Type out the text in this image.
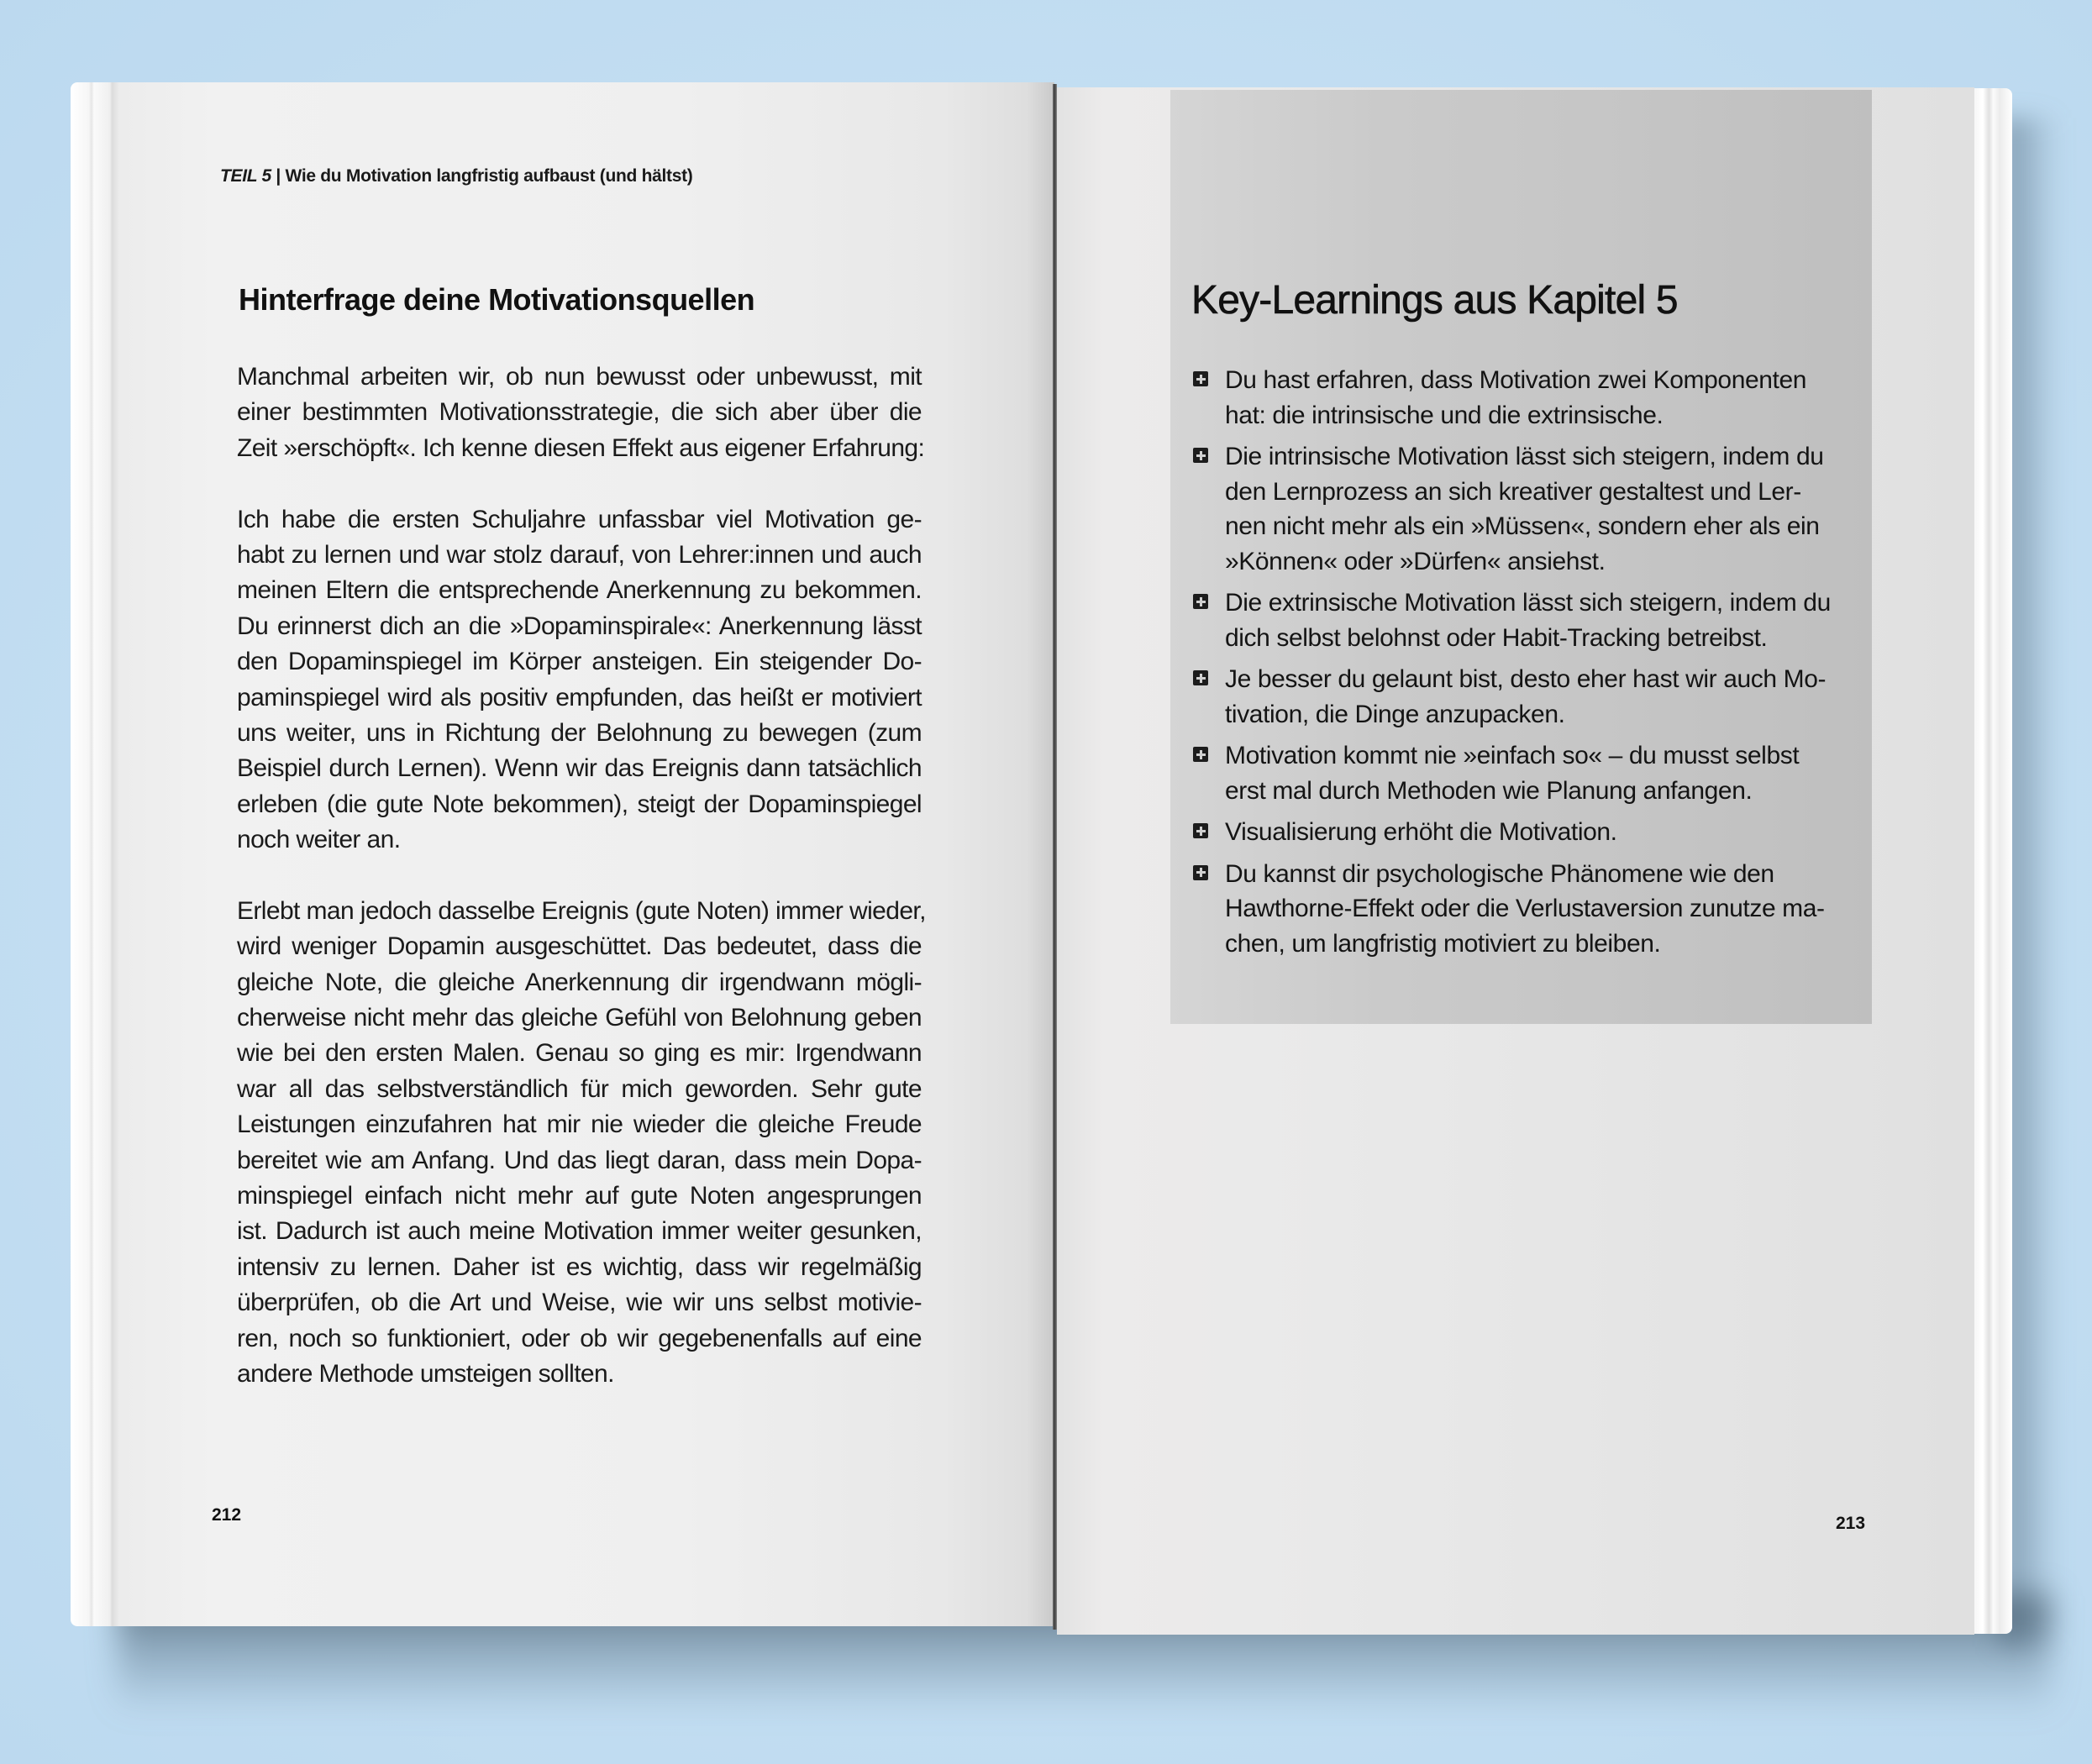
TEIL 5 | Wie du Motivation langfristig aufbaust (und hältst)
Hinterfrage deine Motivationsquellen
Manchmal arbeiten wir, ob nun bewusst oder unbewusst, mit
einer bestimmten Motivationsstrategie, die sich aber über die
Zeit »erschöpft«. Ich kenne diesen Effekt aus eigener Erfahrung:
Ich habe die ersten Schuljahre unfassbar viel Motivation ge-
habt zu lernen und war stolz darauf, von Lehrer:innen und auch
meinen Eltern die entsprechende Anerkennung zu bekommen.
Du erinnerst dich an die »Dopaminspirale«: Anerkennung lässt
den Dopaminspiegel im Körper ansteigen. Ein steigender Do-
paminspiegel wird als positiv empfunden, das heißt er motiviert
uns weiter, uns in Richtung der Belohnung zu bewegen (zum
Beispiel durch Lernen). Wenn wir das Ereignis dann tatsächlich
erleben (die gute Note bekommen), steigt der Dopaminspiegel
noch weiter an.
Erlebt man jedoch dasselbe Ereignis (gute Noten) immer wieder,
wird weniger Dopamin ausgeschüttet. Das bedeutet, dass die
gleiche Note, die gleiche Anerkennung dir irgendwann mögli-
cherweise nicht mehr das gleiche Gefühl von Belohnung geben
wie bei den ersten Malen. Genau so ging es mir: Irgendwann
war all das selbstverständlich für mich geworden. Sehr gute
Leistungen einzufahren hat mir nie wieder die gleiche Freude
bereitet wie am Anfang. Und das liegt daran, dass mein Dopa-
minspiegel einfach nicht mehr auf gute Noten angesprungen
ist. Dadurch ist auch meine Motivation immer weiter gesunken,
intensiv zu lernen. Daher ist es wichtig, dass wir regelmäßig
überprüfen, ob die Art und Weise, wie wir uns selbst motivie-
ren, noch so funktioniert, oder ob wir gegebenenfalls auf eine
andere Methode umsteigen sollten.
212
Key-Learnings aus Kapitel 5
Du hast erfahren, dass Motivation zwei Komponenten
hat: die intrinsische und die extrinsische.
Die intrinsische Motivation lässt sich steigern, indem du
den Lernprozess an sich kreativer gestaltest und Ler-
nen nicht mehr als ein »Müssen«, sondern eher als ein
»Können« oder »Dürfen« ansiehst.
Die extrinsische Motivation lässt sich steigern, indem du
dich selbst belohnst oder Habit-Tracking betreibst.
Je besser du gelaunt bist, desto eher hast wir auch Mo-
tivation, die Dinge anzupacken.
Motivation kommt nie »einfach so« – du musst selbst
erst mal durch Methoden wie Planung anfangen.
Visualisierung erhöht die Motivation.
Du kannst dir psychologische Phänomene wie den
Hawthorne-Effekt oder die Verlustaversion zunutze ma-
chen, um langfristig motiviert zu bleiben.
213
